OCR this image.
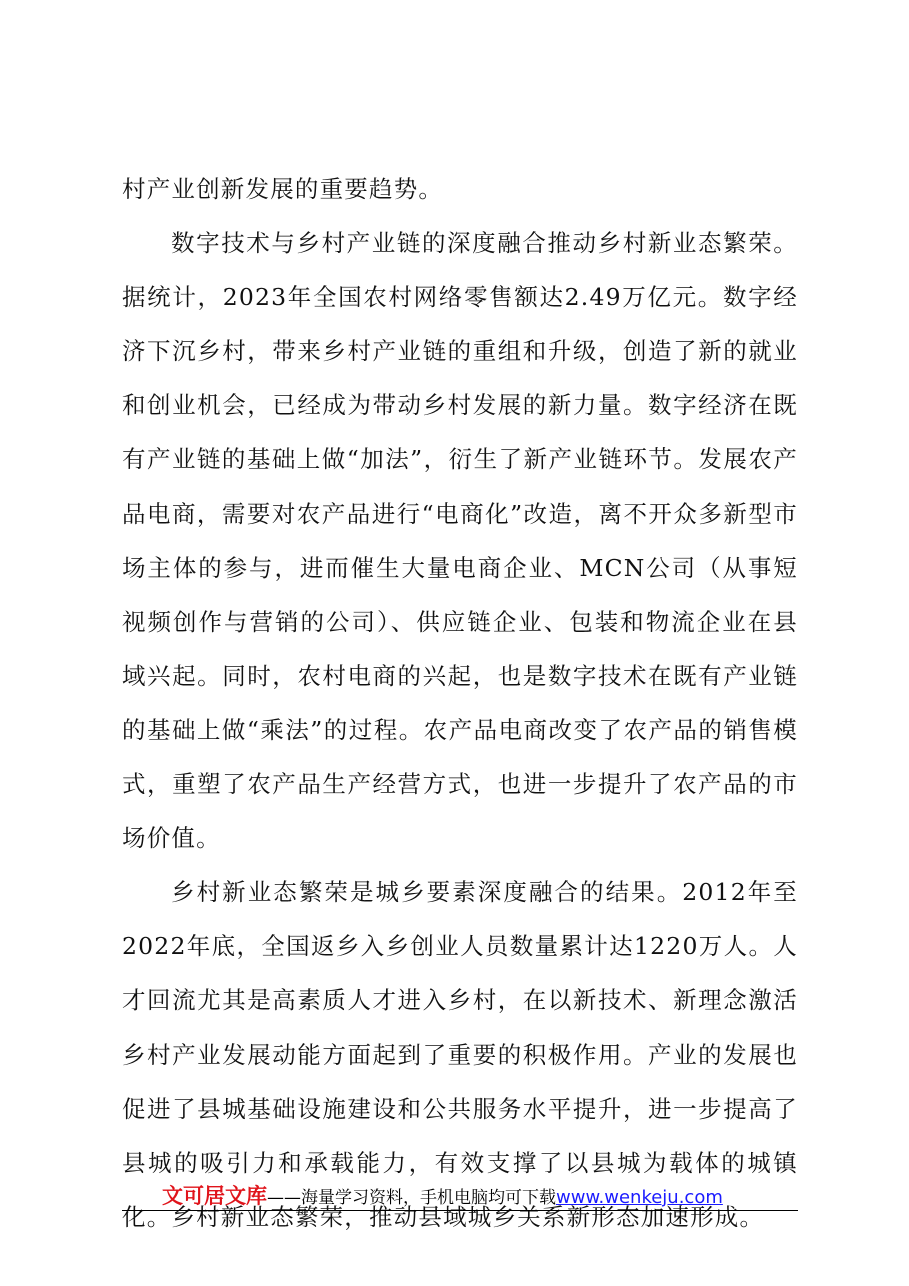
村产业创新发展的重要趋势。

数字技术与乡村产业链的深度融合推动乡村新业态繁荣。据统计，2023年全国农村网络零售额达2.49万亿元。数字经济下沉乡村，带来乡村产业链的重组和升级，创造了新的就业和创业机会，已经成为带动乡村发展的新力量。数字经济在既有产业链的基础上做“加法”，衍生了新产业链环节。发展农产品电商，需要对农产品进行“电商化”改造，离不开众多新型市场主体的参与，进而催生大量电商企业、MCN公司（从事短视频创作与营销的公司）、供应链企业、包装和物流企业在县域兴起。同时，农村电商的兴起，也是数字技术在既有产业链的基础上做“乘法”的过程。农产品电商改变了农产品的销售模式，重塑了农产品生产经营方式，也进一步提升了农产品的市场价值。

乡村新业态繁荣是城乡要素深度融合的结果。2012年至2022年底，全国返乡入乡创业人员数量累计达1220万人。人才回流尤其是高素质人才进入乡村，在以新技术、新理念激活乡村产业发展动能方面起到了重要的积极作用。产业的发展也促进了县城基础设施建设和公共服务水平提升，进一步提高了县城的吸引力和承载能力，有效支撑了以县城为载体的城镇化。乡村新业态繁荣，推动县域城乡关系新形态加速形成。

文可居文库——海量学习资料，手机电脑均可下载www.wenkeju.com
